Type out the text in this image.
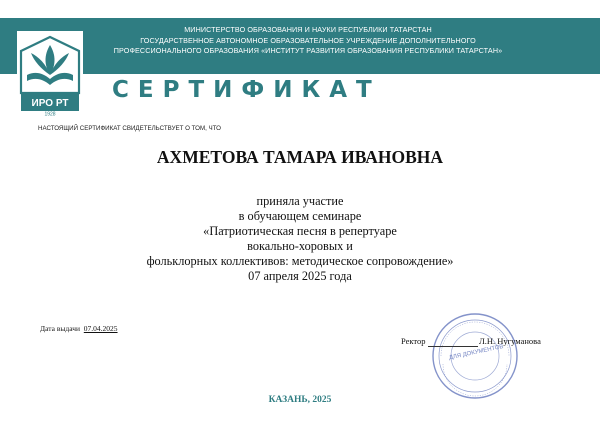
МИНИСТЕРСТВО ОБРАЗОВАНИЯ И НАУКИ РЕСПУБЛИКИ ТАТАРСТАН
ГОСУДАРСТВЕННОЕ АВТОНОМНОЕ ОБРАЗОВАТЕЛЬНОЕ УЧРЕЖДЕНИЕ ДОПОЛНИТЕЛЬНОГО
ПРОФЕССИОНАЛЬНОГО ОБРАЗОВАНИЯ «ИНСТИТУТ РАЗВИТИЯ ОБРАЗОВАНИЯ РЕСПУБЛИКИ ТАТАРСТАН»
ИРО РТ
1928
СЕРТИФИКАТ
НАСТОЯЩИЙ СЕРТИФИКАТ СВИДЕТЕЛЬСТВУЕТ О ТОМ, ЧТО
АХМЕТОВА ТАМАРА ИВАНОВНА
приняла участие
в обучающем семинаре
«Патриотическая песня в репертуаре
вокально-хоровых и
фольклорных коллективов: методическое сопровождение»
07 апреля 2025 года
Дата выдачи 07.04.2025
ДЛЯ ДОКУМЕНТОВ
Ректор	Л.Н. Нугуманова
КАЗАНЬ, 2025
